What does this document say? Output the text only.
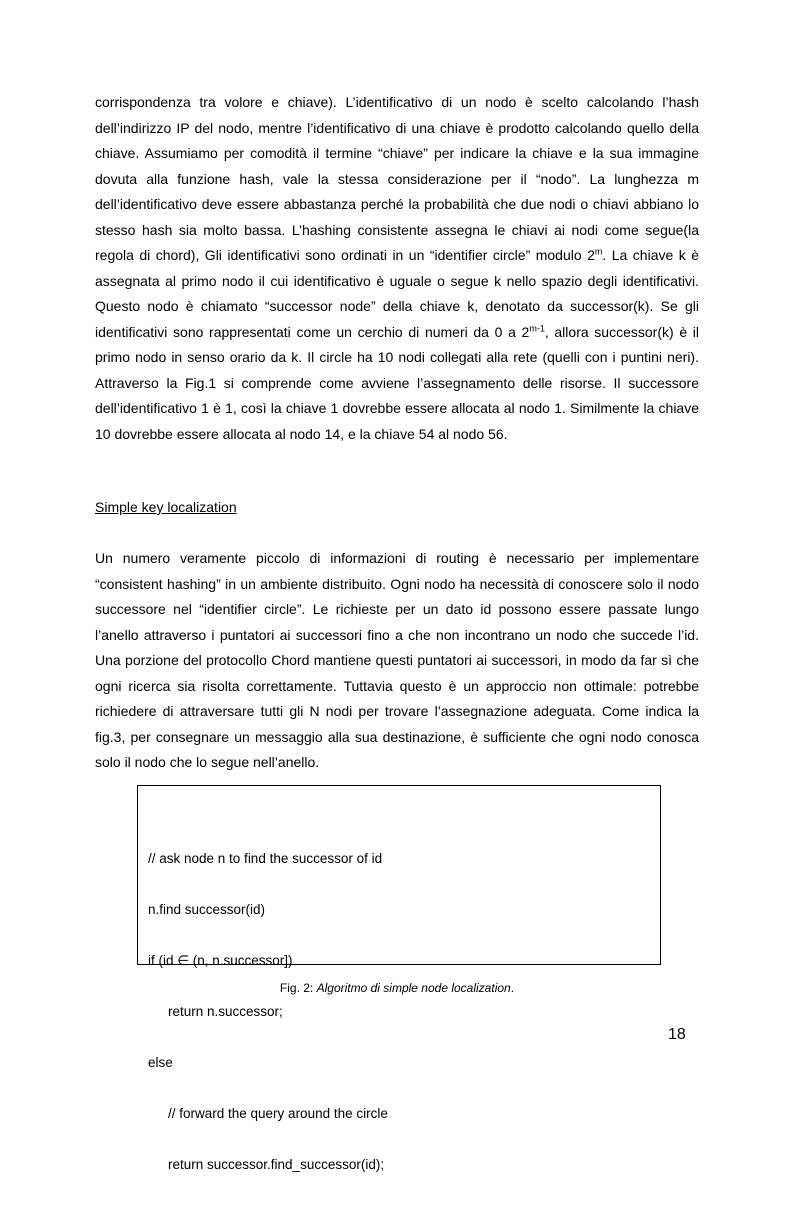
corrispondenza tra volore e chiave). L’identificativo di un nodo è scelto calcolando l’hash dell’indirizzo IP del nodo, mentre l’identificativo di una chiave è prodotto calcolando quello della chiave. Assumiamo per comodità il termine “chiave” per indicare la chiave e la sua immagine dovuta alla funzione hash, vale la stessa considerazione per il “nodo”. La lunghezza m dell’identificativo deve essere abbastanza perché la probabilità che due nodi o chiavi abbiano lo stesso hash sia molto bassa. L’hashing consistente assegna le chiavi ai nodi come segue(la regola di chord), Gli identificativi sono ordinati in un “identifier circle” modulo 2$^m$. La chiave k è assegnata al primo nodo il cui identificativo è uguale o segue k nello spazio degli identificativi. Questo nodo è chiamato “successor node” della chiave k, denotato da successor(k). Se gli identificativi sono rappresentati come un cerchio di numeri da 0 a 2$^{m-1}$, allora successor(k) è il primo nodo in senso orario da k. Il circle ha 10 nodi collegati alla rete (quelli con i puntini neri). Attraverso la Fig.1 si comprende come avviene l’assegnamento delle risorse. Il successore dell’identificativo 1 è 1, così la chiave 1 dovrebbe essere allocata al nodo 1. Similmente la chiave 10 dovrebbe essere allocata al nodo 14, e la chiave 54 al nodo 56.
Simple key localization
Un numero veramente piccolo di informazioni di routing è necessario per implementare “consistent hashing” in un ambiente distribuito. Ogni nodo ha necessità di conoscere solo il nodo successore nel “identifier circle”. Le richieste per un dato id possono essere passate lungo l’anello attraverso i puntatori ai successori fino a che non incontrano un nodo che succede l’id. Una porzione del protocollo Chord mantiene questi puntatori ai successori, in modo da far sì che ogni ricerca sia risolta correttamente. Tuttavia questo è un approccio non ottimale: potrebbe richiedere di attraversare tutti gli N nodi per trovare l’assegnazione adeguata. Come indica la fig.3, per consegnare un messaggio alla sua destinazione, è sufficiente che ogni nodo conosca solo il nodo che lo segue nell’anello.

// ask node n to find the successor of id

n.find successor(id)

if (id ∈ (n, n.successor])

return n.successor;

else

// forward the query around the circle

return successor.find_successor(id);

Fig. 2: Algoritmo di simple node localization.
18
